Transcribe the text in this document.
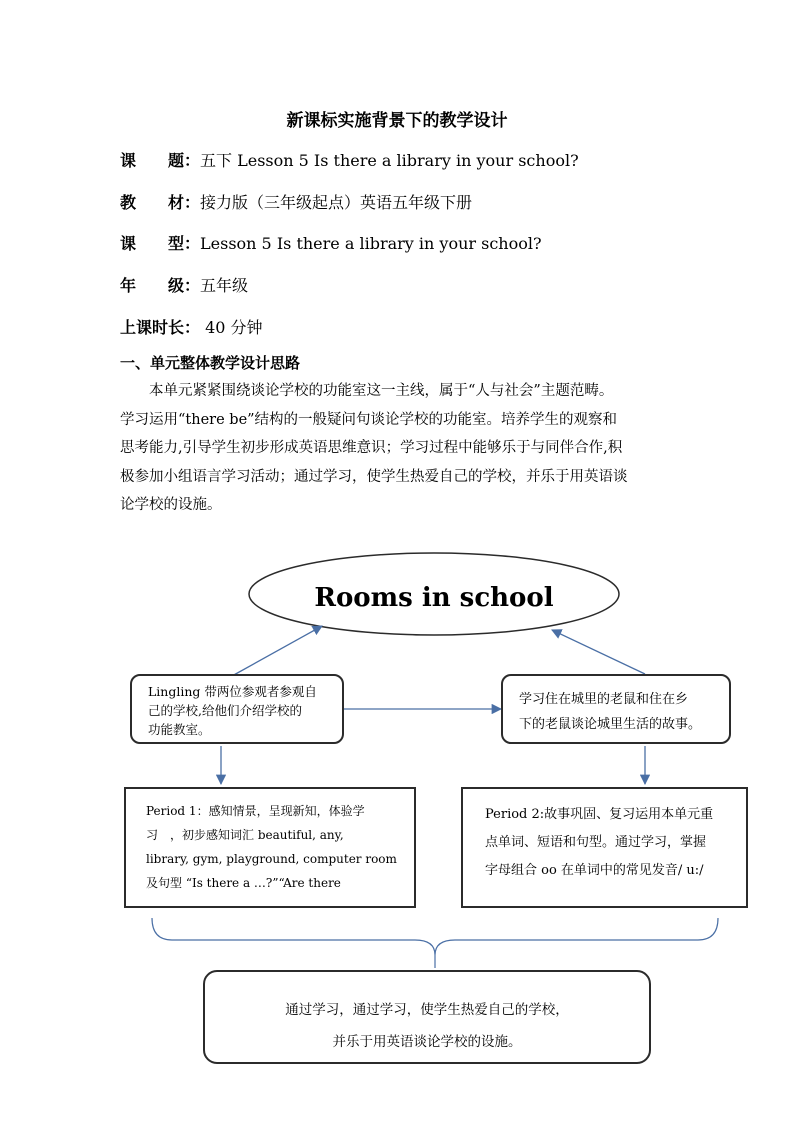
新课标实施背景下的教学设计
课　　题：五下 Lesson 5 Is there a library in your school?
教　　材：接力版（三年级起点）英语五年级下册
课　　型：Lesson 5 Is there a library in your school?
年　　级：五年级
上课时长： 40 分钟
一、单元整体教学设计思路
本单元紧紧围绕谈论学校的功能室这一主线，属于“人与社会”主题范畴。
学习运用“there be”结构的一般疑问句谈论学校的功能室。培养学生的观察和
思考能力,引导学生初步形成英语思维意识；学习过程中能够乐于与同伴合作,积
极参加小组语言学习活动；通过学习，使学生热爱自己的学校，并乐于用英语谈
论学校的设施。
Rooms in school
Lingling 带两位参观者参观自
己的学校,给他们介绍学校的
功能教室。
学习住在城里的老鼠和住在乡
下的老鼠谈论城里生活的故事。
Period 1：感知情景，呈现新知，体验学
习　，初步感知词汇 beautiful, any,
library, gym, playground, computer room
及句型 “Is there a …?”“Are there
Period 2:故事巩固、复习运用本单元重
点单词、短语和句型。通过学习，掌握
字母组合 oo 在单词中的常见发音/ u:/
通过学习，通过学习，使学生热爱自己的学校，
并乐于用英语谈论学校的设施。
